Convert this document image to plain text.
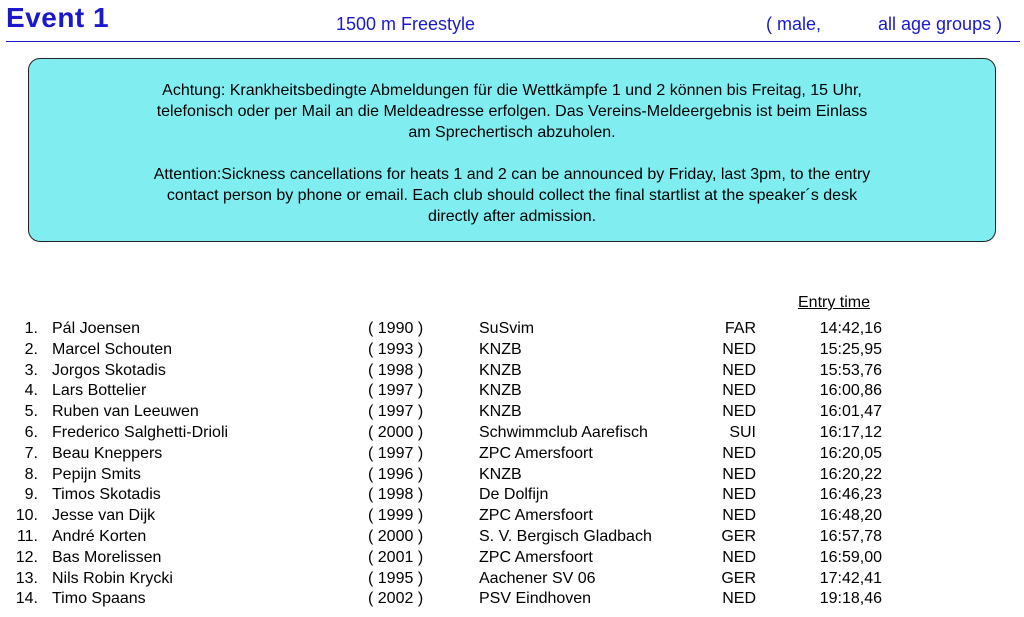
Event 1	1500 m Freestyle	( male,	all age groups )
Achtung: Krankheitsbedingte Abmeldungen für die Wettkämpfe 1 und 2 können bis Freitag, 15 Uhr,
telefonisch oder per Mail an die Meldeadresse erfolgen. Das Vereins-Meldeergebnis ist beim Einlass
am Sprechertisch abzuholen.
Attention:Sickness cancellations for heats 1 and 2 can be announced by Friday, last 3pm, to the entry
contact person by phone or email. Each club should collect the final startlist at the speaker´s desk
directly after admission.
Entry time
1. Pál Joensen	( 1990 )	SuSvim	FAR	14:42,16
2. Marcel Schouten	( 1993 )	KNZB	NED	15:25,95
3. Jorgos Skotadis	( 1998 )	KNZB	NED	15:53,76
4. Lars Bottelier	( 1997 )	KNZB	NED	16:00,86
5. Ruben van Leeuwen	( 1997 )	KNZB	NED	16:01,47
6. Frederico Salghetti-Drioli	( 2000 )	Schwimmclub Aarefisch	SUI	16:17,12
7. Beau Kneppers	( 1997 )	ZPC Amersfoort	NED	16:20,05
8. Pepijn Smits	( 1996 )	KNZB	NED	16:20,22
9. Timos Skotadis	( 1998 )	De Dolfijn	NED	16:46,23
10. Jesse van Dijk	( 1999 )	ZPC Amersfoort	NED	16:48,20
11. André Korten	( 2000 )	S. V. Bergisch Gladbach	GER	16:57,78
12. Bas Morelissen	( 2001 )	ZPC Amersfoort	NED	16:59,00
13. Nils Robin Krycki	( 1995 )	Aachener SV 06	GER	17:42,41
14. Timo Spaans	( 2002 )	PSV Eindhoven	NED	19:18,46
